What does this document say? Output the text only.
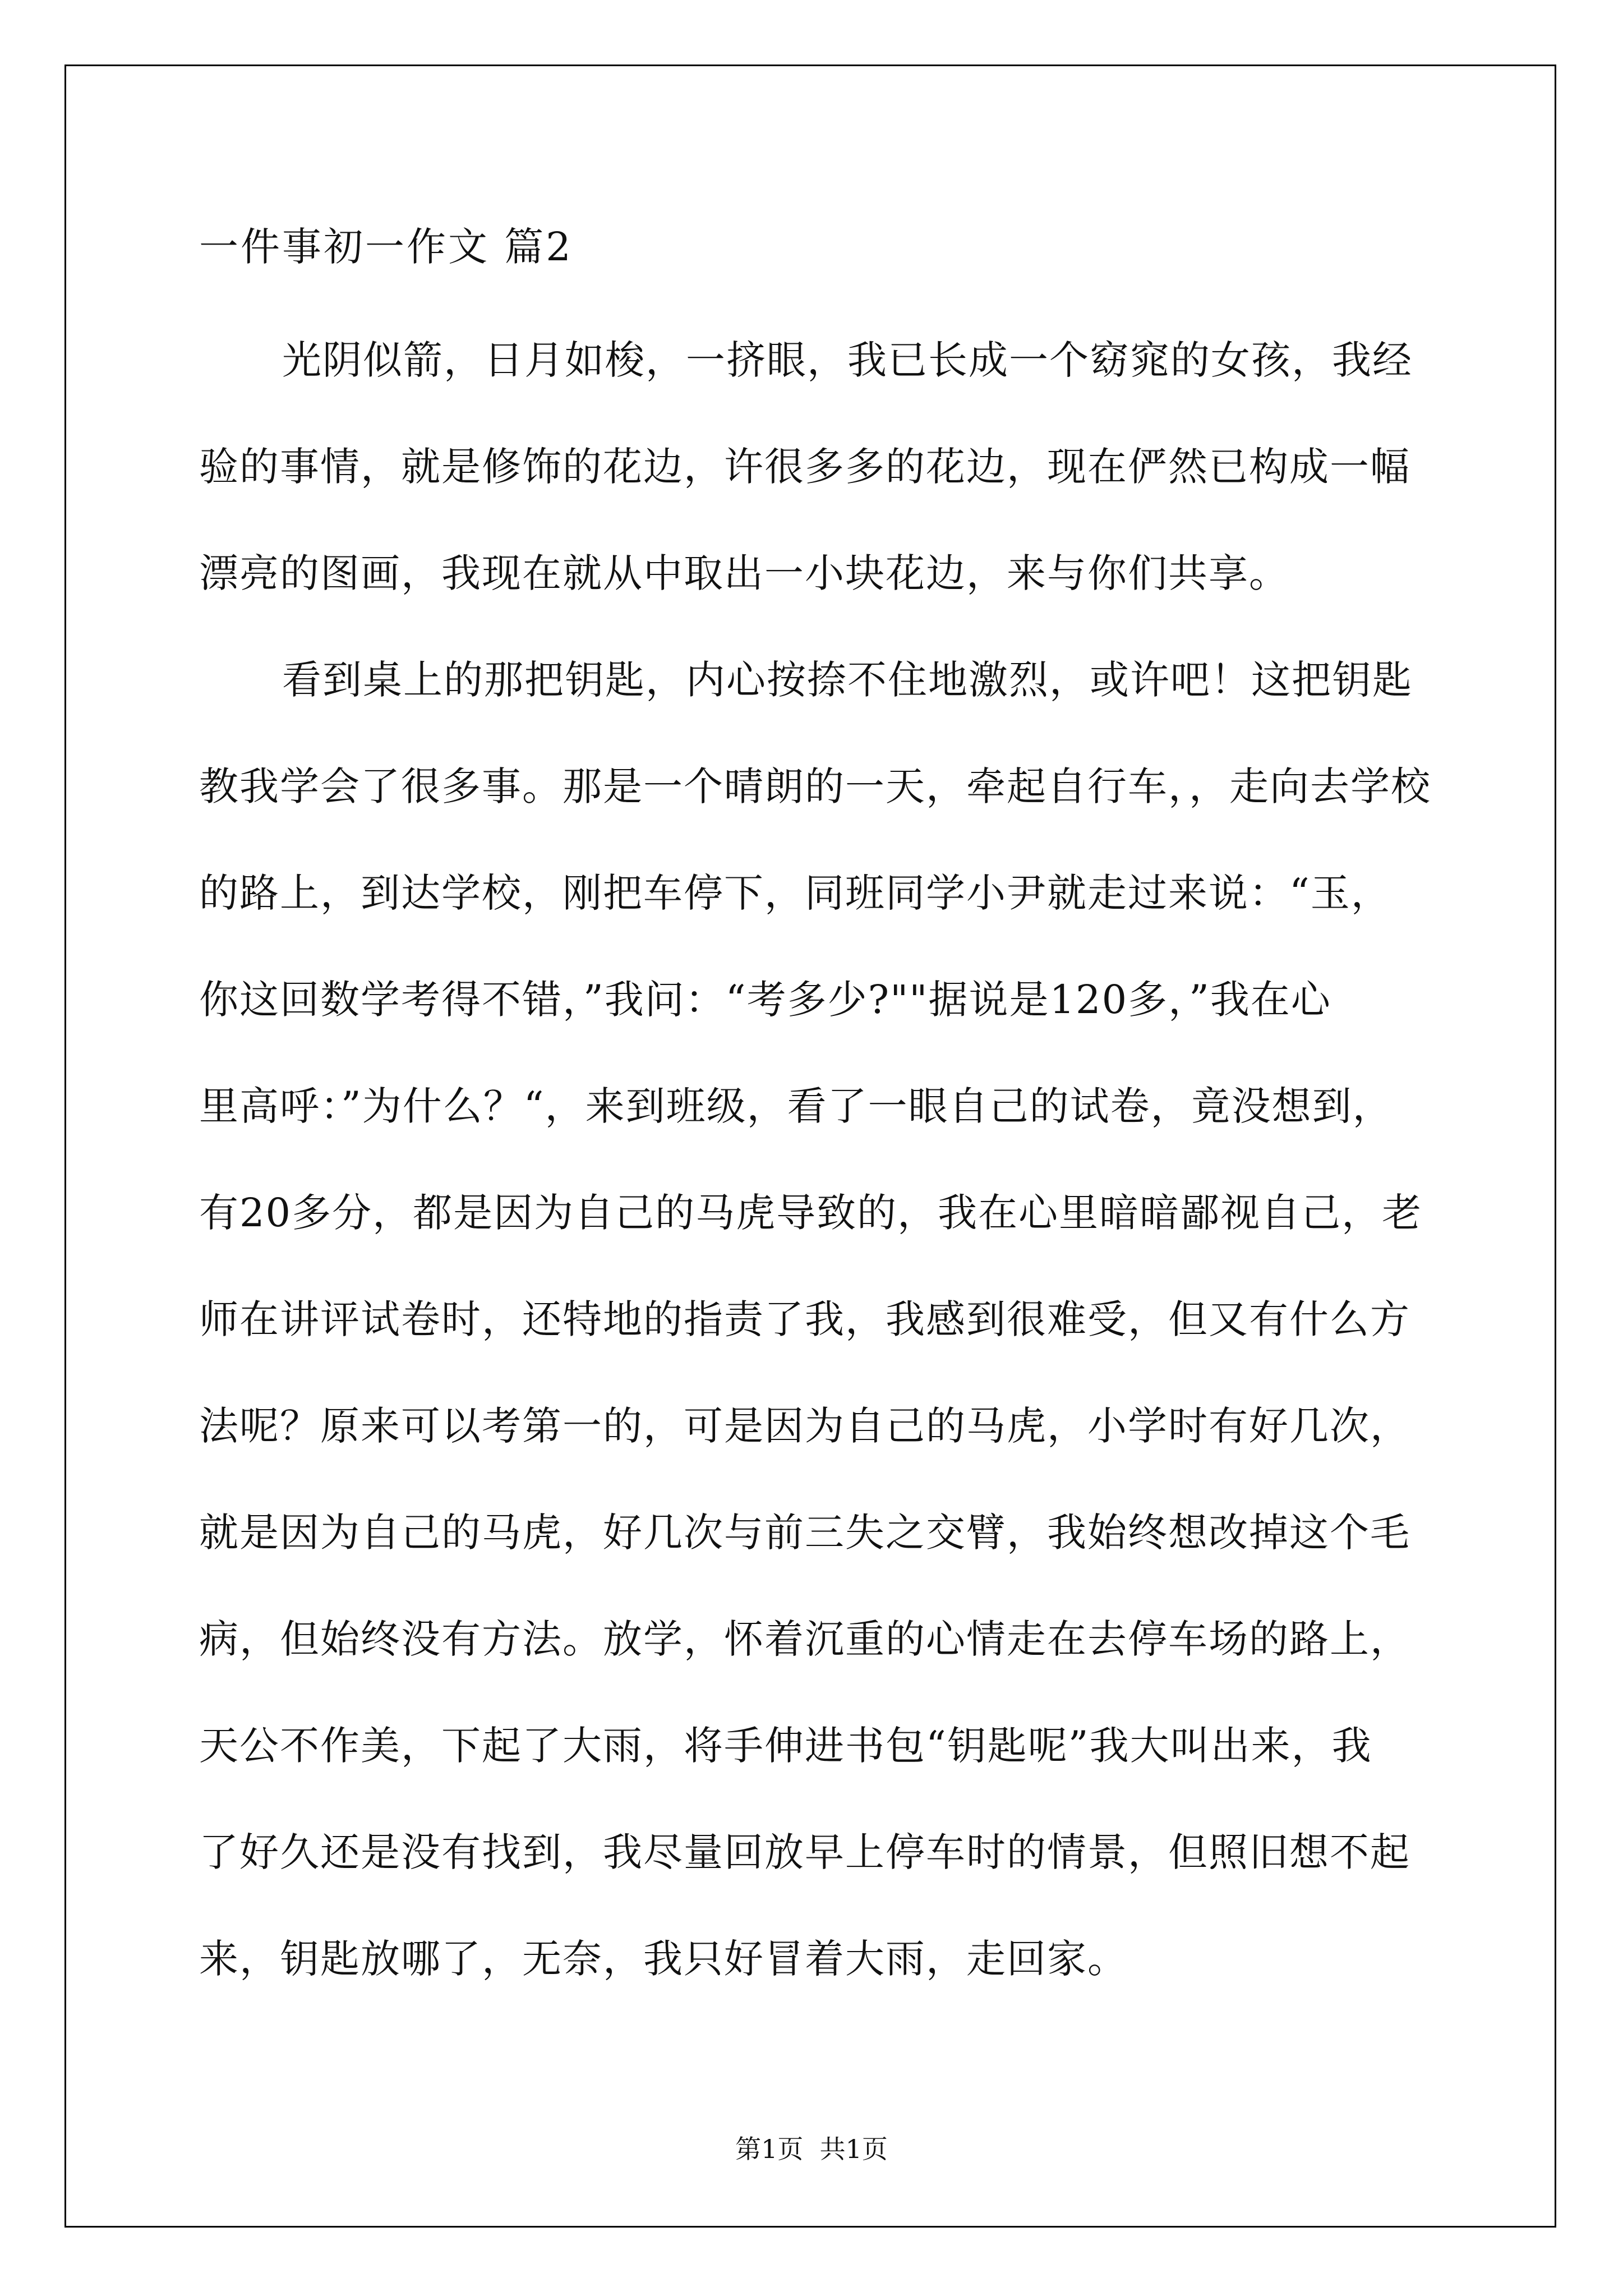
一件事初一作文 篇2
光阴似箭，日月如梭，一挤眼，我已长成一个窈窕的女孩，我经
验的事情，就是修饰的花边，许很多多的花边，现在俨然已构成一幅
漂亮的图画，我现在就从中取出一小块花边，来与你们共享。
看到桌上的那把钥匙，内心按捺不住地激烈，或许吧！这把钥匙
教我学会了很多事。那是一个晴朗的一天，牵起自行车，，走向去学校
的路上，到达学校，刚把车停下，同班同学小尹就走过来说：“玉，
你这回数学考得不错，”我问：“考多少?""据说是120多，”我在心
里高呼：”为什么？“，来到班级，看了一眼自己的试卷，竟没想到，
有20多分，都是因为自己的马虎导致的，我在心里暗暗鄙视自己，老
师在讲评试卷时，还特地的指责了我，我感到很难受，但又有什么方
法呢？原来可以考第一的，可是因为自己的马虎，小学时有好几次，
就是因为自己的马虎，好几次与前三失之交臂，我始终想改掉这个毛
病，但始终没有方法。放学，怀着沉重的心情走在去停车场的路上，
天公不作美，下起了大雨，将手伸进书包“钥匙呢”我大叫出来，我
了好久还是没有找到，我尽量回放早上停车时的情景，但照旧想不起
来，钥匙放哪了，无奈，我只好冒着大雨，走回家。
第1页  共1页
